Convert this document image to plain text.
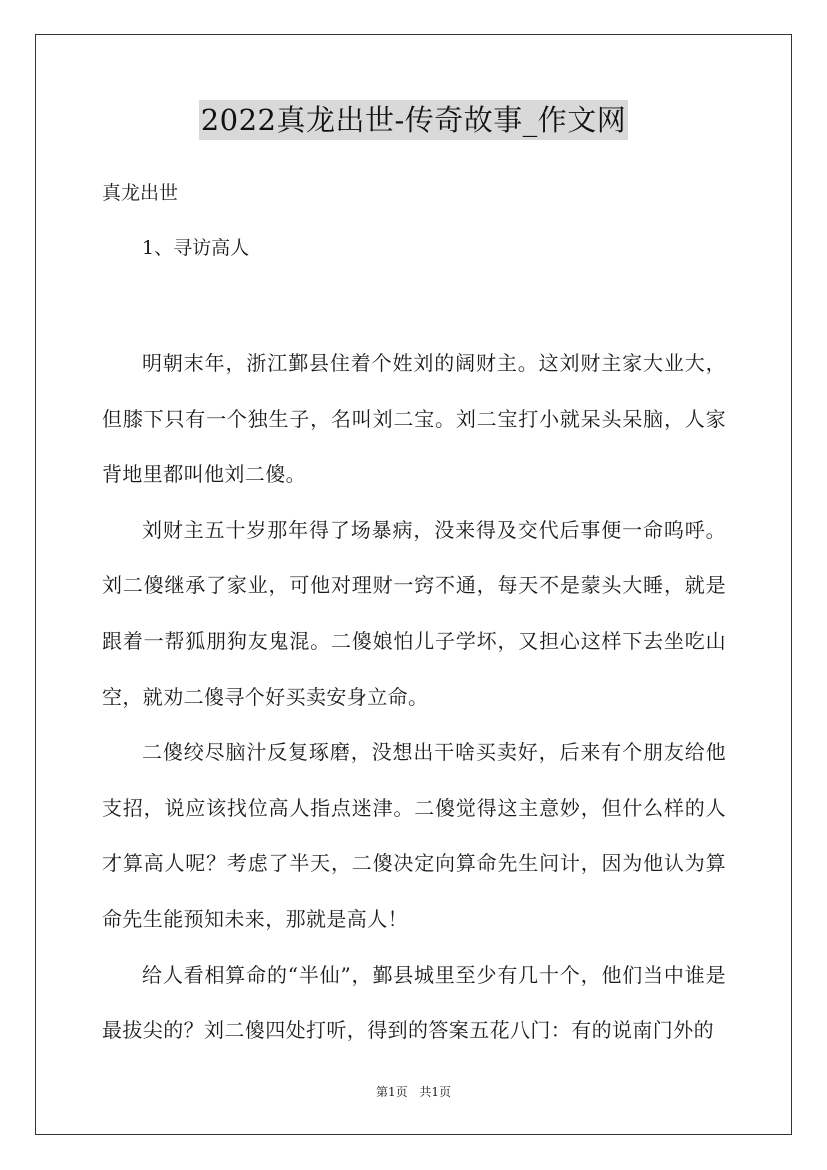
2022真龙出世-传奇故事_作文网
真龙出世
1、寻访高人

明朝末年，浙江鄞县住着个姓刘的阔财主。这刘财主家大业大，但膝下只有一个独生子，名叫刘二宝。刘二宝打小就呆头呆脑，人家背地里都叫他刘二傻。

刘财主五十岁那年得了场暴病，没来得及交代后事便一命呜呼。刘二傻继承了家业，可他对理财一窍不通，每天不是蒙头大睡，就是跟着一帮狐朋狗友鬼混。二傻娘怕儿子学坏，又担心这样下去坐吃山空，就劝二傻寻个好买卖安身立命。

二傻绞尽脑汁反复琢磨，没想出干啥买卖好，后来有个朋友给他支招，说应该找位高人指点迷津。二傻觉得这主意妙，但什么样的人才算高人呢？考虑了半天，二傻决定向算命先生问计，因为他认为算命先生能预知未来，那就是高人！

给人看相算命的“半仙”，鄞县城里至少有几十个，他们当中谁是最拔尖的？刘二傻四处打听，得到的答案五花八门：有的说南门外的

第1页 共1页
